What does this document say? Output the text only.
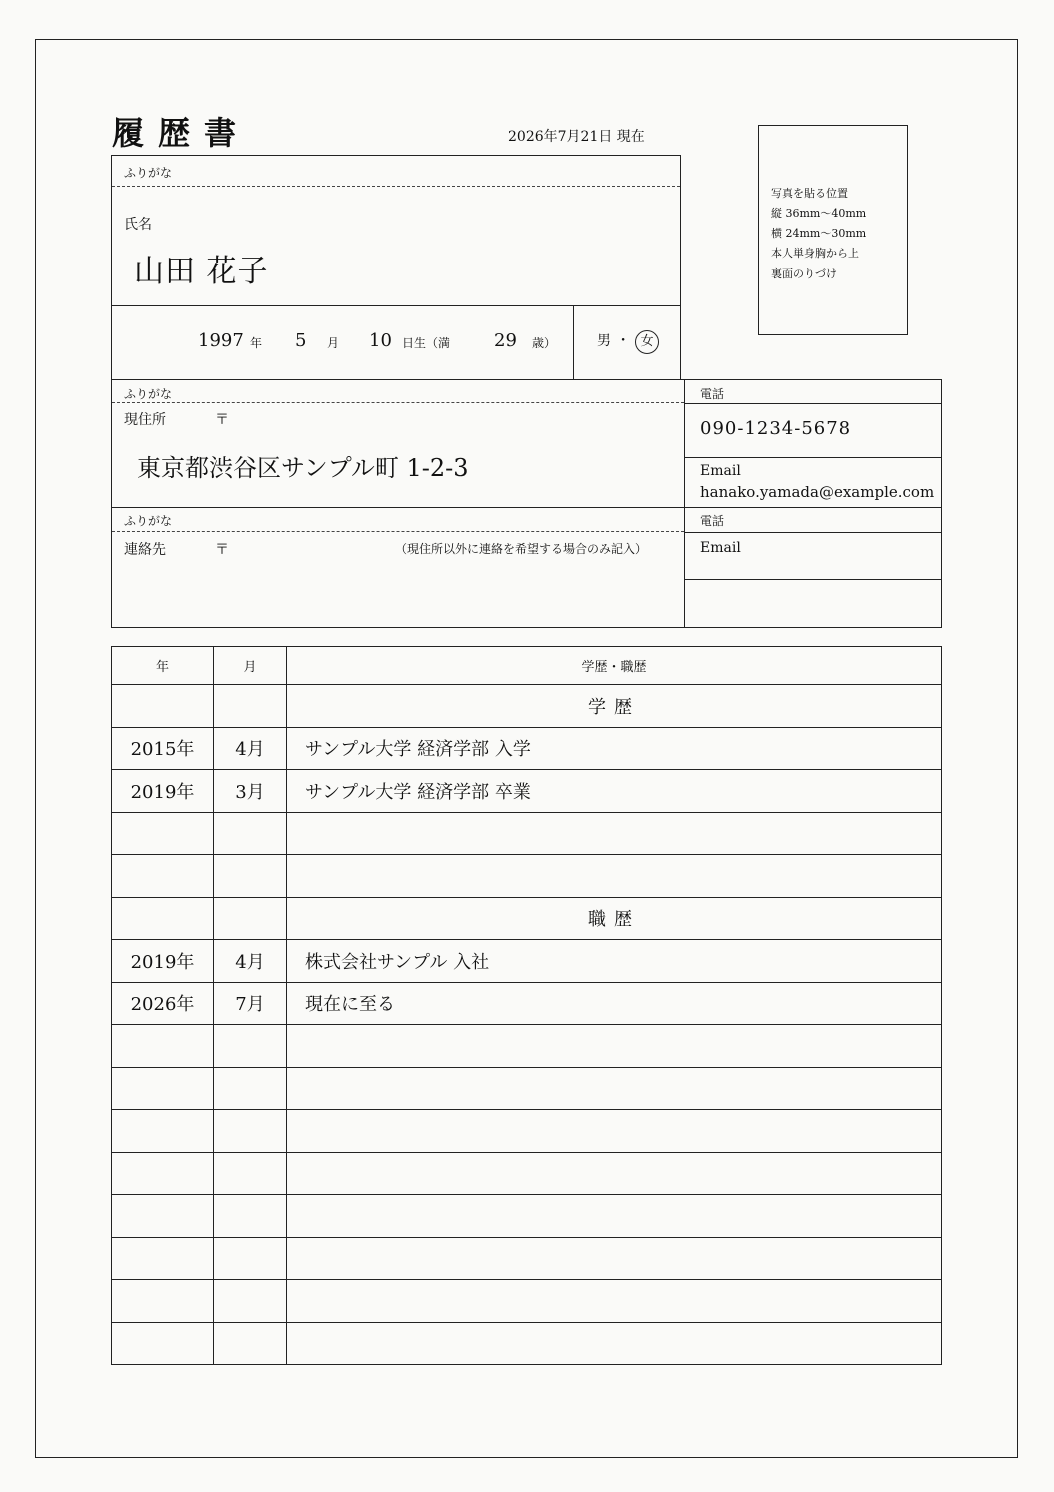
履歴書	2026年7月21日 現在
写真を貼る位置
縦 36mm〜40mm
横 24mm〜30mm
本人単身胸から上
裏面のりづけ
ふりがな
氏名
山田 花子
1997 年 5 月 10 日生（満 29 歳）	男 ・ 女
ふりがな
現住所	〒
東京都渋谷区サンプル町 1-2-3
電話
090-1234-5678
Email
hanako.yamada@example.com
ふりがな
連絡先	〒	（現住所以外に連絡を希望する場合のみ記入）
電話
Email
年	月	学歴・職歴
		学歴
2015年	4月	サンプル大学 経済学部 入学
2019年	3月	サンプル大学 経済学部 卒業

		職歴
2019年	4月	株式会社サンプル 入社
2026年	7月	現在に至る
